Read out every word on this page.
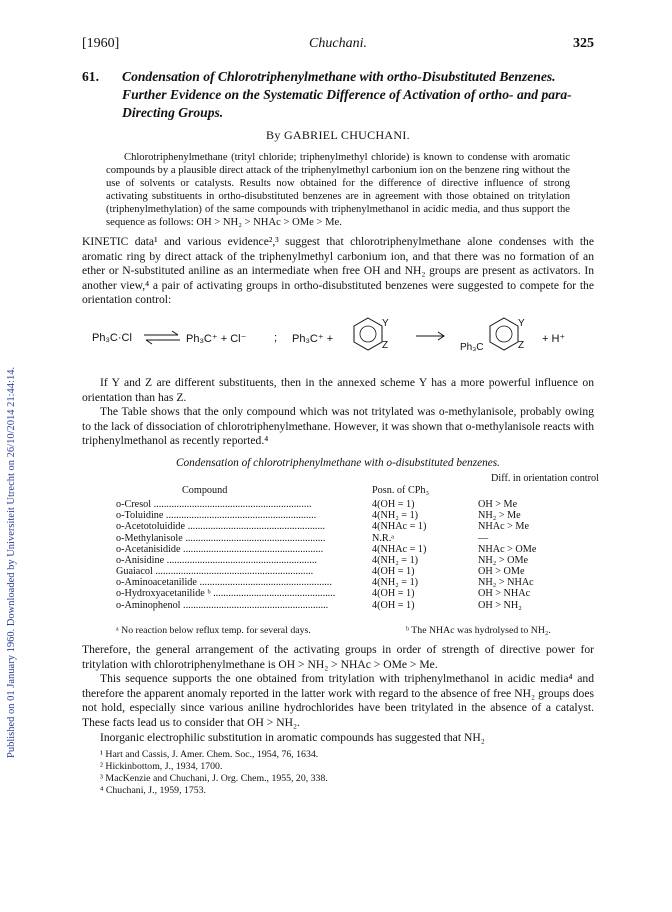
Published on 01 January 1960. Downloaded by Universiteit Utrecht on 26/10/2014 21:44:14.
[1960]	Chuchani.	325
61. Condensation of Chlorotriphenylmethane with ortho-Disubstituted Benzenes. Further Evidence on the Systematic Difference of Activation of ortho- and para-Directing Groups.
By GABRIEL CHUCHANI.
Chlorotriphenylmethane (trityl chloride; triphenylmethyl chloride) is known to condense with aromatic compounds by a plausible direct attack of the triphenylmethyl carbonium ion on the benzene ring without the use of solvents or catalysts. Results now obtained for the difference of directive influence of strong activating substituents in ortho-disubstituted benzenes are in agreement with those obtained on tritylation (triphenylmethylation) of the same compounds with triphenylmethanol in acidic media, and thus support the sequence as follows: OH > NH₂ > NHAc > OMe > Me.

KINETIC data¹ and various evidence²,³ suggest that chlorotriphenylmethane alone condenses with the aromatic ring by direct attack of the triphenylmethyl carbonium ion, and that there was no formation of an ether or N-substituted aniline as an intermediate when free OH and NH₂ groups are present as activators. In another view,⁴ a pair of activating groups in ortho-disubstituted benzenes were suggested to compete for the orientation control:

Ph₃C·Cl ⇌ Ph₃C⁺ + Cl⁻	; Ph₃C⁺ +
Y
Z	Ph₃C
Y
Z
+ H⁺

If Y and Z are different substituents, then in the annexed scheme Y has a more powerful influence on orientation than has Z.

The Table shows that the only compound which was not tritylated was o-methylanisole, probably owing to the lack of dissociation of chlorotriphenylmethane. However, it was shown that o-methylanisole reacts with triphenylmethanol as recently reported.⁴

Condensation of chlorotriphenylmethane with o-disubstituted benzenes.
Diff. in orientation control
Compound	Posn. of CPh₃
o-Cresol ..............................................................	4(OH = 1)	OH > Me
o-Toluidine ...........................................................	4(NH₂ = 1)	NH₂ > Me
o-Acetotoluidide ......................................................	4(NHAc = 1)	NHAc > Me
o-Methylanisole .......................................................	N.R.ᵃ	—
o-Acetanisidide .......................................................	4(NHAc = 1)	NHAc > OMe
o-Anisidine ...........................................................	4(NH₂ = 1)	NH₂ > OMe
Guaiacol ..............................................................	4(OH = 1)	OH > OMe
o-Aminoacetanilide ....................................................	4(NH₂ = 1)	NH₂ > NHAc
o-Hydroxyacetanilide ᵇ ................................................	4(OH = 1)	OH > NHAc
o-Aminophenol .........................................................	4(OH = 1)	OH > NH₂
ᵃ No reaction below reflux temp. for several days.	ᵇ The NHAc was hydrolysed to NH₂.

Therefore, the general arrangement of the activating groups in order of strength of directive power for tritylation with chlorotriphenylmethane is OH > NH₂ > NHAc > OMe > Me.

This sequence supports the one obtained from tritylation with triphenylmethanol in acidic media⁴ and therefore the apparent anomaly reported in the latter work with regard to the absence of free NH₂ groups does not hold, especially since various aniline hydrochlorides have been tritylated in the absence of a catalyst. These facts lead us to consider that OH > NH₂.

Inorganic electrophilic substitution in aromatic compounds has suggested that NH₂

¹ Hart and Cassis, J. Amer. Chem. Soc., 1954, 76, 1634.
² Hickinbottom, J., 1934, 1700.
³ MacKenzie and Chuchani, J. Org. Chem., 1955, 20, 338.
⁴ Chuchani, J., 1959, 1753.
